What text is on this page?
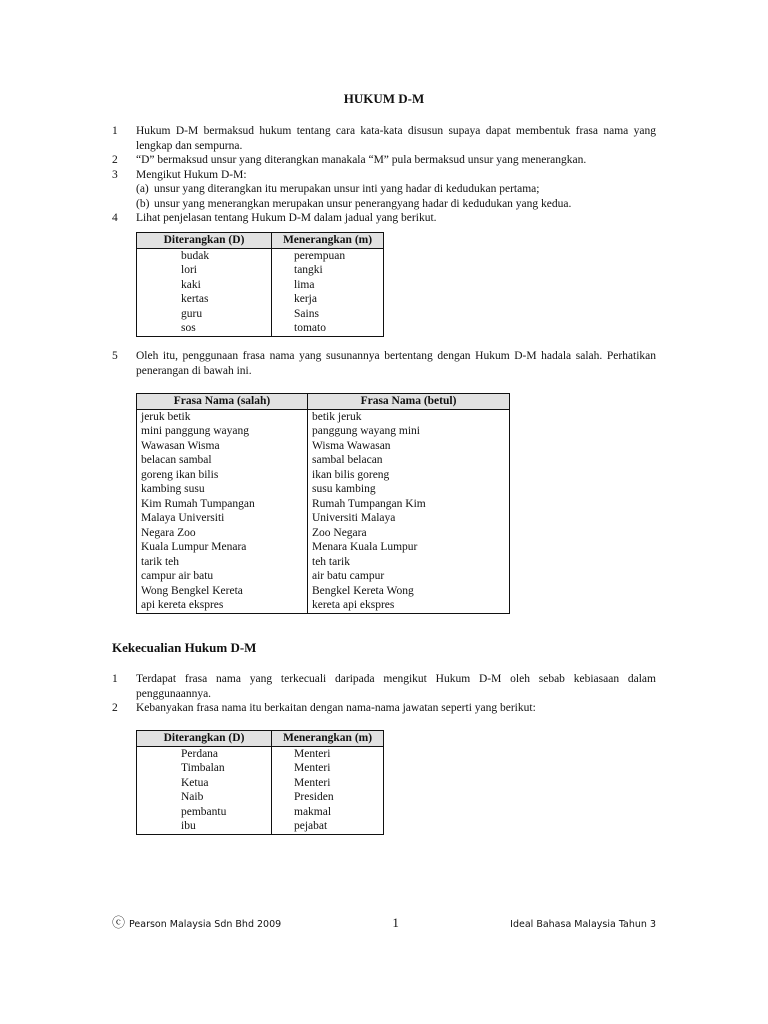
HUKUM D-M
1	Hukum D-M bermaksud hukum tentang cara kata-kata disusun supaya dapat membentuk frasa nama yang lengkap dan sempurna.
2	“D” bermaksud unsur yang diterangkan manakala “M” pula bermaksud unsur yang menerangkan.
3	Mengikut Hukum D-M:
(a) unsur yang diterangkan itu merupakan unsur inti yang hadar di kedudukan pertama;
(b) unsur yang menerangkan merupakan unsur penerangyang hadar di kedudukan yang kedua.
4	Lihat penjelasan tentang Hukum D-M dalam jadual yang berikut.
Diterangkan (D)	Menerangkan (m)
budak	perempuan
lori	tangki
kaki	lima
kertas	kerja
guru	Sains
sos	tomato
5	Oleh itu, penggunaan frasa nama yang susunannya bertentang dengan Hukum D-M hadala salah. Perhatikan penerangan di bawah ini.
Frasa Nama (salah)	Frasa Nama (betul)
jeruk betik	betik jeruk
mini panggung wayang	panggung wayang mini
Wawasan Wisma	Wisma Wawasan
belacan sambal	sambal belacan
goreng ikan bilis	ikan bilis goreng
kambing susu	susu kambing
Kim Rumah Tumpangan	Rumah Tumpangan Kim
Malaya Universiti	Universiti Malaya
Negara Zoo	Zoo Negara
Kuala Lumpur Menara	Menara Kuala Lumpur
tarik teh	teh tarik
campur air batu	air batu campur
Wong Bengkel Kereta	Bengkel Kereta Wong
api kereta ekspres	kereta api ekspres
Kekecualian Hukum D-M
1	Terdapat frasa nama yang terkecuali daripada mengikut Hukum D-M oleh sebab kebiasaan dalam penggunaannya.
2	Kebanyakan frasa nama itu berkaitan dengan nama-nama jawatan seperti yang berikut:
Diterangkan (D)	Menerangkan (m)
Perdana	Menteri
Timbalan	Menteri
Ketua	Menteri
Naib	Presiden
pembantu	makmal
ibu	pejabat
ⓒ Pearson Malaysia Sdn Bhd 2009	1	Ideal Bahasa Malaysia Tahun 3
